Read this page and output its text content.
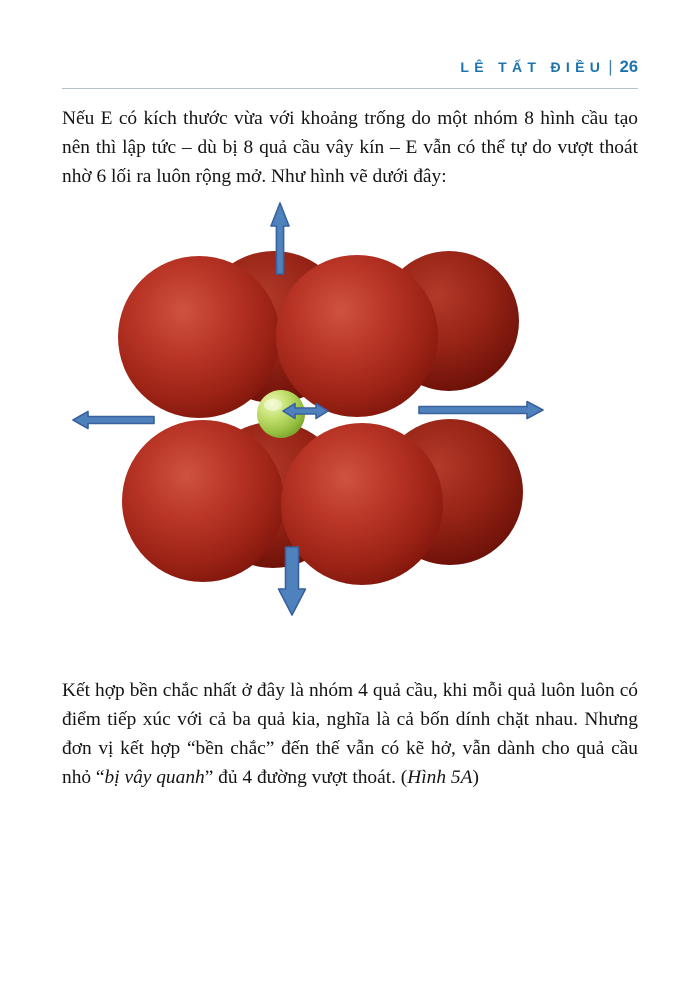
LÊ TẤT ĐIỀU | 26

Nếu E có kích thước vừa với khoảng trống do một nhóm 8 hình cầu tạo nên thì lập tức – dù bị 8 quả cầu vây kín – E vẫn có thể tự do vượt thoát nhờ 6 lối ra luôn rộng mở. Như hình vẽ dưới đây:

Kết hợp bền chắc nhất ở đây là nhóm 4 quả cầu, khi mỗi quả luôn luôn có điểm tiếp xúc với cả ba quả kia, nghĩa là cả bốn dính chặt nhau. Nhưng đơn vị kết hợp “bền chắc” đến thế vẫn có kẽ hở, vẫn dành cho quả cầu nhỏ “bị vây quanh” đủ 4 đường vượt thoát. (Hình 5A)
